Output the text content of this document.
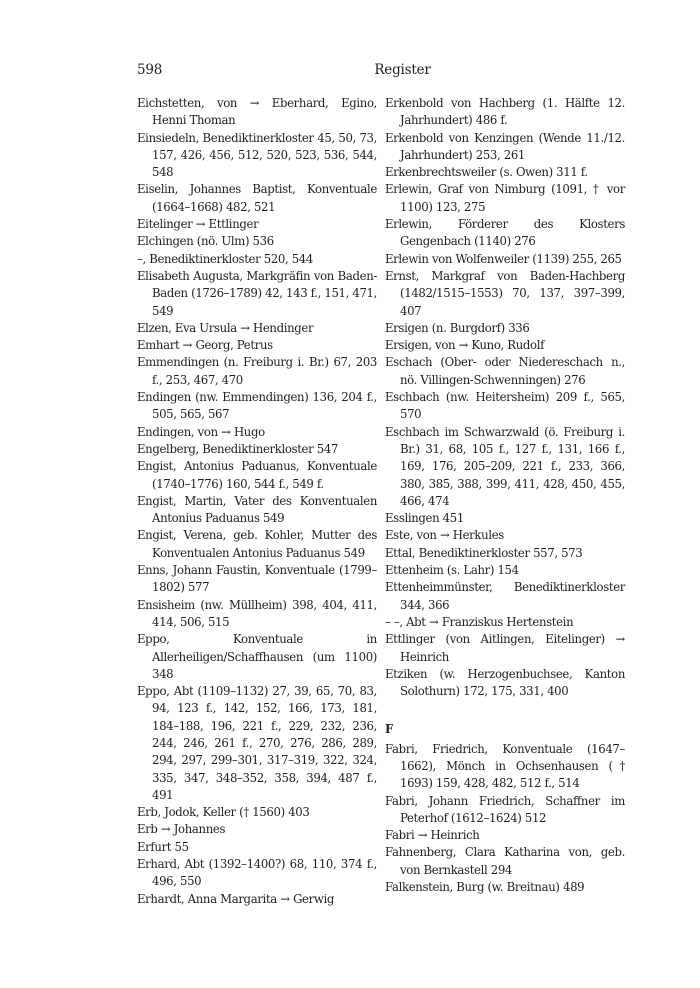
598	Register

Eichstetten, von → Eberhard, Egino, Henni Thoman

Einsiedeln, Benediktinerkloster 45, 50, 73, 157, 426, 456, 512, 520, 523, 536, 544, 548

Eiselin, Johannes Baptist, Konventuale (1664–1668) 482, 521

Eitelinger → Ettlinger

Elchingen (nö. Ulm) 536

–, Benediktinerkloster 520, 544

Elisabeth Augusta, Markgräfin von Baden-Baden (1726–1789) 42, 143 f., 151, 471, 549

Elzen, Eva Ursula → Hendinger

Emhart → Georg, Petrus

Emmendingen (n. Freiburg i. Br.) 67, 203 f., 253, 467, 470

Endingen (nw. Emmendingen) 136, 204 f., 505, 565, 567

Endingen, von → Hugo

Engelberg, Benediktinerkloster 547

Engist, Antonius Paduanus, Konventuale (1740–1776) 160, 544 f., 549 f.

Engist, Martin, Vater des Konventualen Antonius Paduanus 549

Engist, Verena, geb. Kohler, Mutter des Konventualen Antonius Paduanus 549

Enns, Johann Faustin, Konventuale (1799–1802) 577

Ensisheim (nw. Müllheim) 398, 404, 411, 414, 506, 515

Eppo, Konventuale in Allerheiligen/Schaffhausen (um 1100) 348

Eppo, Abt (1109–1132) 27, 39, 65, 70, 83, 94, 123 f., 142, 152, 166, 173, 181, 184–188, 196, 221 f., 229, 232, 236, 244, 246, 261 f., 270, 276, 286, 289, 294, 297, 299–301, 317–319, 322, 324, 335, 347, 348–352, 358, 394, 487 f., 491

Erb, Jodok, Keller († 1560) 403

Erb → Johannes

Erfurt 55

Erhard, Abt (1392–1400?) 68, 110, 374 f., 496, 550

Erhardt, Anna Margarita → Gerwig

Erkenbold von Hachberg (1. Hälfte 12. Jahrhundert) 486 f.

Erkenbold von Kenzingen (Wende 11./12. Jahrhundert) 253, 261

Erkenbrechtsweiler (s. Owen) 311 f.

Erlewin, Graf von Nimburg (1091, † vor 1100) 123, 275

Erlewin, Förderer des Klosters Gengenbach (1140) 276

Erlewin von Wolfenweiler (1139) 255, 265

Ernst, Markgraf von Baden-Hachberg (1482/1515–1553) 70, 137, 397–399, 407

Ersigen (n. Burgdorf) 336

Ersigen, von → Kuno, Rudolf

Eschach (Ober- oder Niedereschach n., nö. Villingen-Schwenningen) 276

Eschbach (nw. Heitersheim) 209 f., 565, 570

Eschbach im Schwarzwald (ö. Freiburg i. Br.) 31, 68, 105 f., 127 f., 131, 166 f., 169, 176, 205–209, 221 f., 233, 366, 380, 385, 388, 399, 411, 428, 450, 455, 466, 474

Esslingen 451

Este, von → Herkules

Ettal, Benediktinerkloster 557, 573

Ettenheim (s. Lahr) 154

Ettenheimmünster, Benediktinerkloster 344, 366

– –, Abt → Franziskus Hertenstein

Ettlinger (von Aitlingen, Eitelinger) → Heinrich

Etziken (w. Herzogenbuchsee, Kanton Solothurn) 172, 175, 331, 400

F

Fabri, Friedrich, Konventuale (1647–1662), Mönch in Ochsenhausen († 1693) 159, 428, 482, 512 f., 514

Fabri, Johann Friedrich, Schaffner im Peterhof (1612–1624) 512

Fabri → Heinrich

Fahnenberg, Clara Katharina von, geb. von Bernkastell 294

Falkenstein, Burg (w. Breitnau) 489
